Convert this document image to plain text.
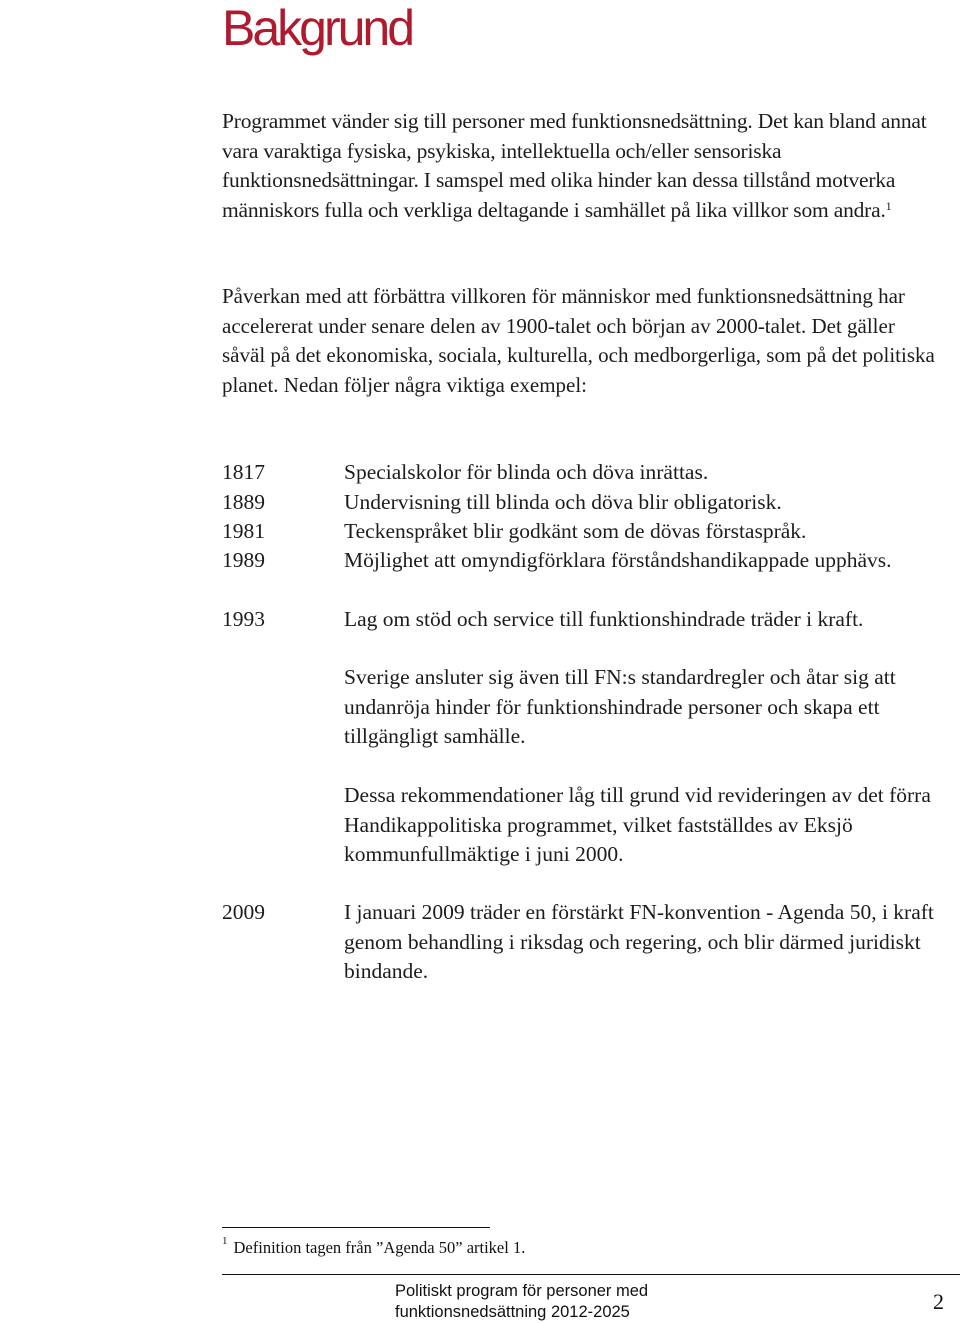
Bakgrund

Programmet vänder sig till personer med funktionsnedsättning. Det kan bland annat vara varaktiga fysiska, psykiska, intellektuella och/eller sensoriska funktionsnedsättningar. I samspel med olika hinder kan dessa tillstånd motverka människors fulla och verkliga deltagande i samhället på lika villkor som andra.$^1$

Påverkan med att förbättra villkoren för människor med funktionsnedsättning har accelererat under senare delen av 1900-talet och början av 2000-talet. Det gäller såväl på det ekonomiska, sociala, kulturella, och medborgerliga, som på det politiska planet. Nedan följer några viktiga exempel:

1817	Specialskolor för blinda och döva inrättas.
1889	Undervisning till blinda och döva blir obligatorisk.
1981	Teckenspråket blir godkänt som de dövas förstaspråk.
1989	Möjlighet att omyndigförklara förståndshandikappade upphävs.
1993	Lag om stöd och service till funktionshindrade träder i kraft.

Sverige ansluter sig även till FN:s standardregler och åtar sig att undanröja hinder för funktionshindrade personer och skapa ett tillgängligt samhälle.

Dessa rekommendationer låg till grund vid revideringen av det förra Handikappolitiska programmet, vilket fastställdes av Eksjö kommunfullmäktige i juni 2000.

2009	I januari 2009 träder en förstärkt FN-konvention - Agenda 50, i kraft genom behandling i riksdag och regering, och blir därmed juridiskt bindande.
$^1$ Definition tagen från ”Agenda 50” artikel 1.
Politiskt program för personer med funktionsnedsättning 2012-2025	2
